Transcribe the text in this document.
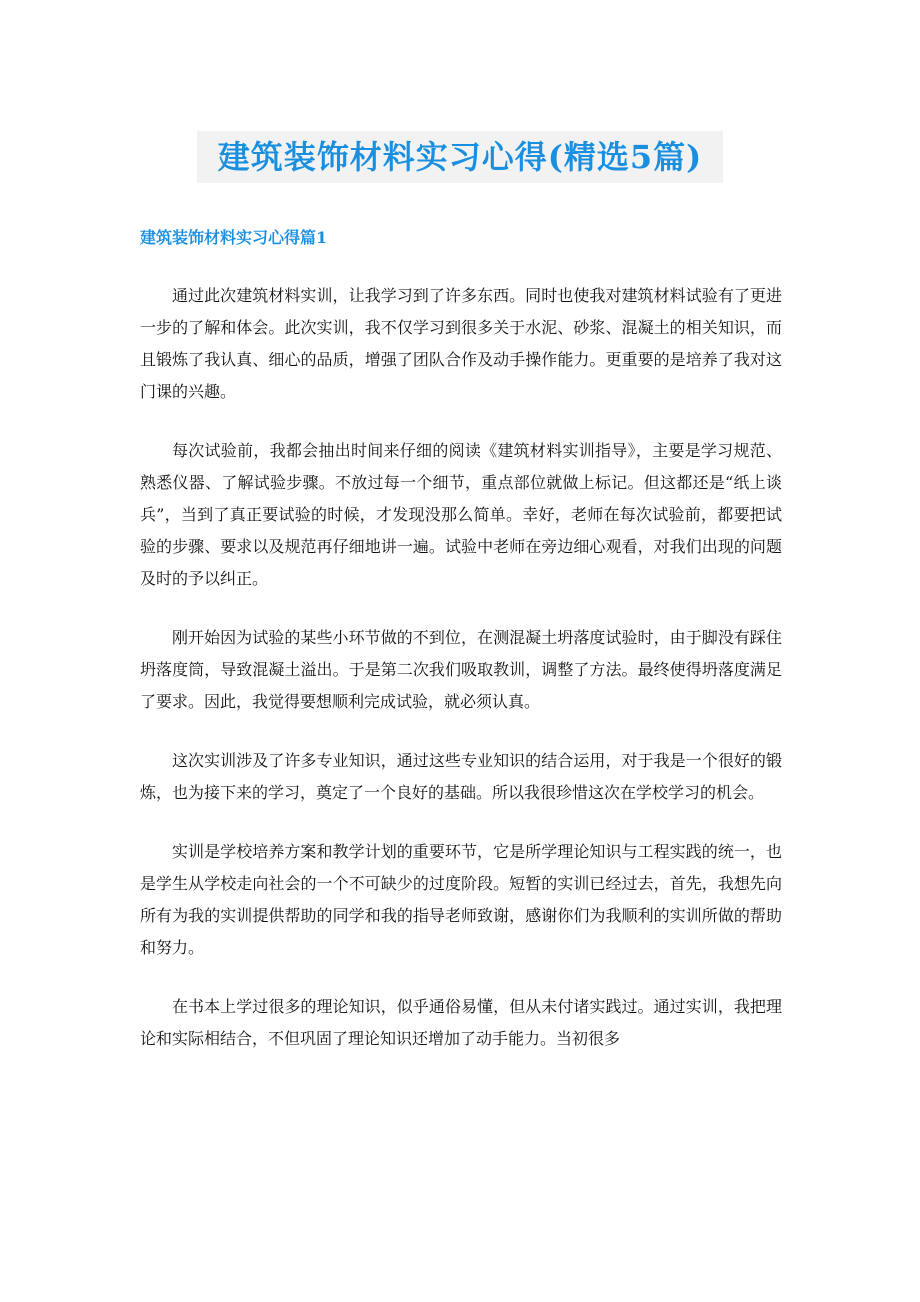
建筑装饰材料实习心得(精选5篇)
建筑装饰材料实习心得篇1

通过此次建筑材料实训，让我学习到了许多东西。同时也使我对建筑材料试验有了更进一步的了解和体会。此次实训，我不仅学习到很多关于水泥、砂浆、混凝土的相关知识，而且锻炼了我认真、细心的品质，增强了团队合作及动手操作能力。更重要的是培养了我对这门课的兴趣。

每次试验前，我都会抽出时间来仔细的阅读《建筑材料实训指导》，主要是学习规范、熟悉仪器、了解试验步骤。不放过每一个细节，重点部位就做上标记。但这都还是“纸上谈兵”，当到了真正要试验的时候，才发现没那么简单。幸好，老师在每次试验前，都要把试验的步骤、要求以及规范再仔细地讲一遍。试验中老师在旁边细心观看，对我们出现的问题及时的予以纠正。

刚开始因为试验的某些小环节做的不到位，在测混凝土坍落度试验时，由于脚没有踩住坍落度筒，导致混凝土溢出。于是第二次我们吸取教训，调整了方法。最终使得坍落度满足了要求。因此，我觉得要想顺利完成试验，就必须认真。

这次实训涉及了许多专业知识，通过这些专业知识的结合运用，对于我是一个很好的锻炼，也为接下来的学习，奠定了一个良好的基础。所以我很珍惜这次在学校学习的机会。

实训是学校培养方案和教学计划的重要环节，它是所学理论知识与工程实践的统一，也是学生从学校走向社会的一个不可缺少的过度阶段。短暂的实训已经过去，首先，我想先向所有为我的实训提供帮助的同学和我的指导老师致谢，感谢你们为我顺利的实训所做的帮助和努力。

在书本上学过很多的理论知识，似乎通俗易懂，但从未付诸实践过。通过实训，我把理论和实际相结合，不但巩固了理论知识还增加了动手能力。当初很多
